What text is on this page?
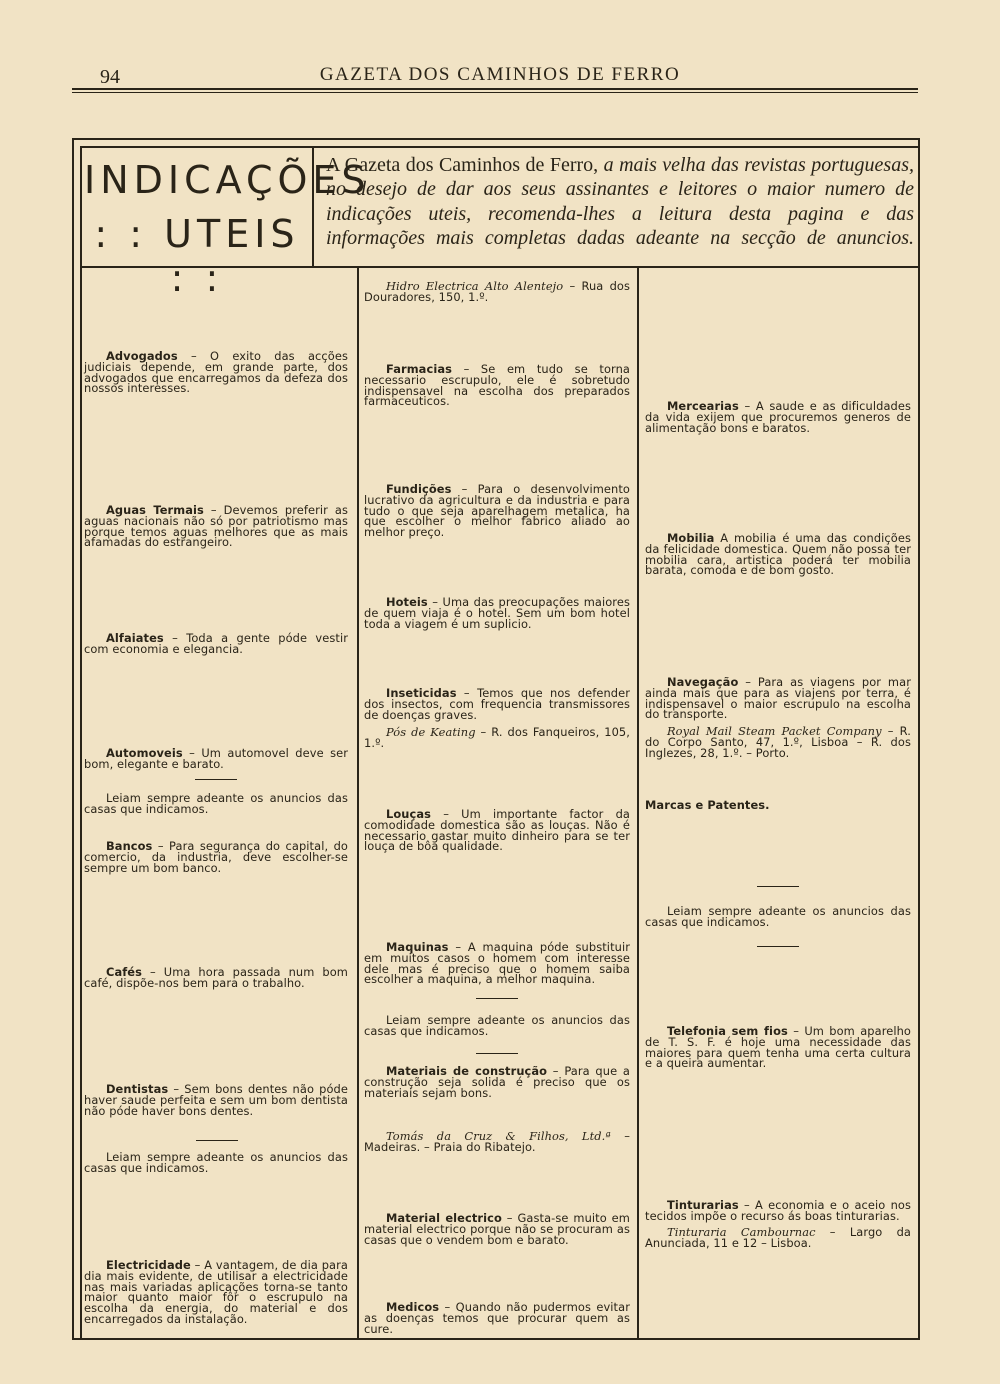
94	GAZETA DOS CAMINHOS DE FERRO
INDICAÇÕES
: : UTEIS : :
A Gazeta dos Caminhos de Ferro, a mais velha das revistas portuguesas, no desejo de dar aos seus assinantes e leitores o maior numero de indicações uteis, recomenda-lhes a leitura desta pagina e das informações mais completas dadas adeante na secção de anuncios.

Advogados – O exito das acções judiciais depende, em grande parte, dos advogados que encarregamos da defeza dos nossos interesses.

Aguas Termais – Devemos preferir as aguas nacionais não só por patriotismo mas porque temos aguas melhores que as mais afamadas do estrangeiro.

Alfaiates – Toda a gente póde vestir com economia e elegancia.

Automoveis – Um automovel deve ser bom, elegante e barato.

Leiam sempre adeante os anuncios das casas que indicamos.

Bancos – Para segurança do capital, do comercio, da industria, deve escolher-se sempre um bom banco.

Cafés – Uma hora passada num bom café, dispõe-nos bem para o trabalho.

Dentistas – Sem bons dentes não póde haver saude perfeita e sem um bom dentista não póde haver bons dentes.

Leiam sempre adeante os anuncios das casas que indicamos.

Electricidade – A vantagem, de dia para dia mais evidente, de utilisar a electricidade nas mais variadas aplicações torna-se tanto maior quanto maior fôr o escrupulo na escolha da energia, do material e dos encarregados da instalação.

Hidro Electrica Alto Alentejo – Rua dos Douradores, 150, 1.º.

Farmacias – Se em tudo se torna necessario escrupulo, ele é sobretudo indispensavel na escolha dos preparados farmaceuticos.

Fundições – Para o desenvolvimento lucrativo da agricultura e da industria e para tudo o que seja aparelhagem metalica, ha que escolher o melhor fabrico aliado ao melhor preço.

Hoteis – Uma das preocupações maiores de quem viaja é o hotel. Sem um bom hotel toda a viagem é um suplicio.

Inseticidas – Temos que nos defender dos insectos, com frequencia transmissores de doenças graves.

Pós de Keating – R. dos Fanqueiros, 105, 1.º.

Louças – Um importante factor da comodidade domestica são as louças. Não é necessario gastar muito dinheiro para se ter louça de bôa qualidade.

Maquinas – A maquina póde substituir em muitos casos o homem com interesse dele mas é preciso que o homem saiba escolher a maquina, a melhor maquina.

Leiam sempre adeante os anuncios das casas que indicamos.

Materiais de construção – Para que a construção seja solida é preciso que os materiais sejam bons.

Tomás da Cruz & Filhos, Ltd.ª – Madeiras. – Praia do Ribatejo.

Material electrico – Gasta-se muito em material electrico porque não se procuram as casas que o vendem bom e barato.

Medicos – Quando não pudermos evitar as doenças temos que procurar quem as cure.

Mercearias – A saude e as dificuldades da vida exijem que procuremos generos de alimentação bons e baratos.

Mobilia A mobilia é uma das condições da felicidade domestica. Quem não possa ter mobilia cara, artistica poderá ter mobilia barata, comoda e de bom gosto.

Navegação – Para as viagens por mar ainda mais que para as viajens por terra, é indispensavel o maior escrupulo na escolha do transporte.

Royal Mail Steam Packet Company – R. do Corpo Santo, 47, 1.º, Lisboa – R. dos Inglezes, 28, 1.º. – Porto.

Marcas e Patentes.

Leiam sempre adeante os anuncios das casas que indicamos.

Telefonia sem fios – Um bom aparelho de T. S. F. é hoje uma necessidade das maiores para quem tenha uma certa cultura e a queira aumentar.

Tinturarias – A economia e o aceio nos tecidos impõe o recurso ás boas tinturarias.

Tinturaria Cambournac – Largo da Anunciada, 11 e 12 – Lisboa.
